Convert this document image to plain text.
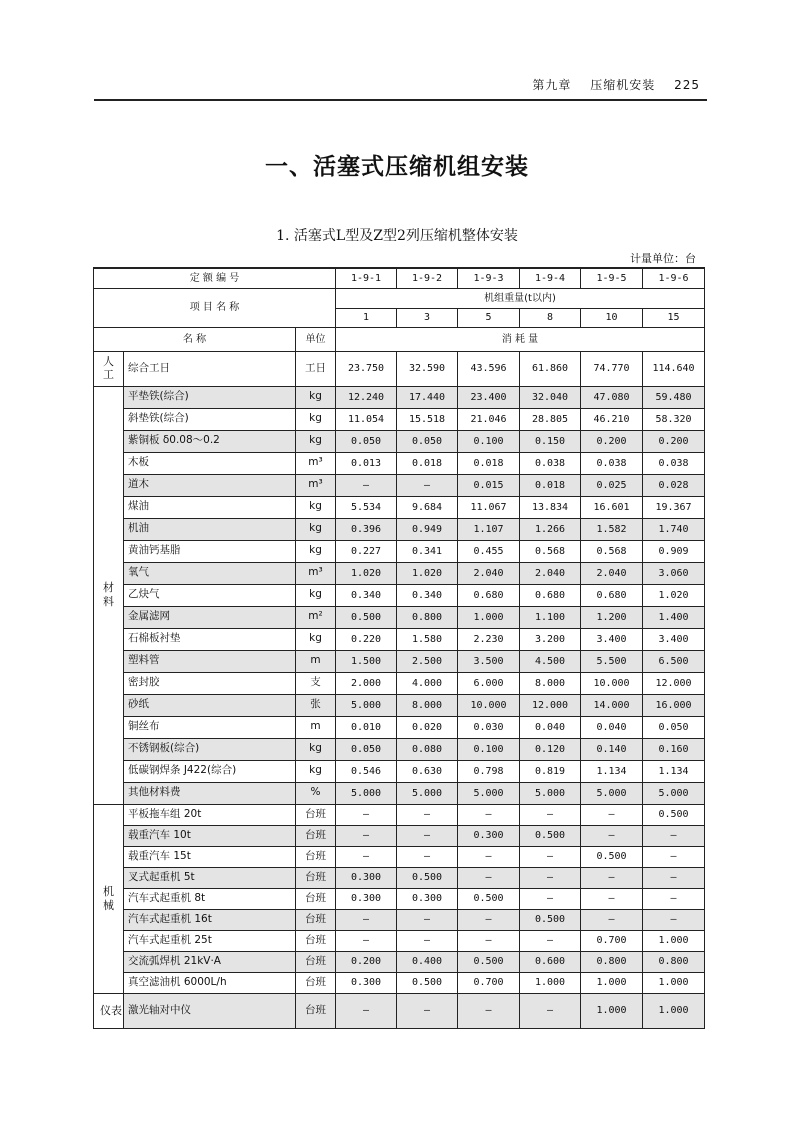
第九章 压缩机安装 225
一、活塞式压缩机组安装
1. 活塞式L型及Z型2列压缩机整体安装
计量单位：台
定 额 编 号			1-9-1	1-9-2	1-9-3	1-9-4	1-9-5	1-9-6
项 目 名 称			机组重量(t以内)					
			1	3	5	8	10	15
名 称		单位	消 耗 量					
人工	综合工日	工日	23.750	32.590	43.596	61.860	74.770	114.640
材 料	平垫铁(综合)	kg	12.240	17.440	23.400	32.040	47.080	59.480
	斜垫铁(综合)	kg	11.054	15.518	21.046	28.805	46.210	58.320
	紫铜板 δ0.08～0.2	kg	0.050	0.050	0.100	0.150	0.200	0.200
	木板	m³	0.013	0.018	0.018	0.038	0.038	0.038
	道木	m³	—	—	0.015	0.018	0.025	0.028
	煤油	kg	5.534	9.684	11.067	13.834	16.601	19.367
	机油	kg	0.396	0.949	1.107	1.266	1.582	1.740
	黄油钙基脂	kg	0.227	0.341	0.455	0.568	0.568	0.909
	氧气	m³	1.020	1.020	2.040	2.040	2.040	3.060
	乙炔气	kg	0.340	0.340	0.680	0.680	0.680	1.020
	金属滤网	m²	0.500	0.800	1.000	1.100	1.200	1.400
	石棉板衬垫	kg	0.220	1.580	2.230	3.200	3.400	3.400
	塑料管	m	1.500	2.500	3.500	4.500	5.500	6.500
	密封胶	支	2.000	4.000	6.000	8.000	10.000	12.000
	砂纸	张	5.000	8.000	10.000	12.000	14.000	16.000
	铜丝布	m	0.010	0.020	0.030	0.040	0.040	0.050
	不锈钢板(综合)	kg	0.050	0.080	0.100	0.120	0.140	0.160
	低碳钢焊条 J422(综合)	kg	0.546	0.630	0.798	0.819	1.134	1.134
	其他材料费	%	5.000	5.000	5.000	5.000	5.000	5.000
机 械	平板拖车组 20t	台班	—	—	—	—	—	0.500
	载重汽车 10t	台班	—	—	0.300	0.500	—	—
	载重汽车 15t	台班	—	—	—	—	0.500	—
	叉式起重机 5t	台班	0.300	0.500	—	—	—	—
	汽车式起重机 8t	台班	0.300	0.300	0.500	—	—	—
	汽车式起重机 16t	台班	—	—	—	0.500	—	—
	汽车式起重机 25t	台班	—	—	—	—	0.700	1.000
	交流弧焊机 21kV·A	台班	0.200	0.400	0.500	0.600	0.800	0.800
	真空滤油机 6000L/h	台班	0.300	0.500	0.700	1.000	1.000	1.000
仪表	激光轴对中仪	台班	—	—	—	—	1.000	1.000
